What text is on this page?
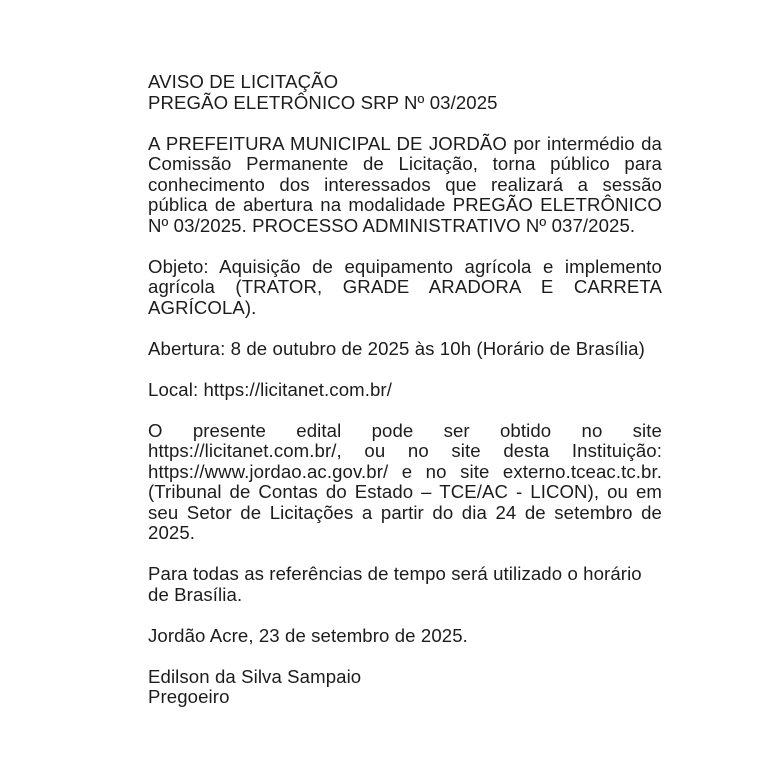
AVISO DE LICITAÇÃO
PREGÃO ELETRÔNICO SRP Nº 03/2025

A PREFEITURA MUNICIPAL DE JORDÃO por intermédio da Comissão Permanente de Licitação, torna público para conhecimento dos interessados que realizará a sessão pública de abertura na modalidade PREGÃO ELETRÔNICO Nº 03/2025. PROCESSO ADMINISTRATIVO Nº 037/2025.

Objeto: Aquisição de equipamento agrícola e implemento agrícola (TRATOR, GRADE ARADORA E CARRETA AGRÍCOLA).

Abertura: 8 de outubro de 2025 às 10h (Horário de Brasília)

Local: https://licitanet.com.br/

O presente edital pode ser obtido no site https://licitanet.com.br/, ou no site desta Instituição: https://www.jordao.ac.gov.br/ e no site externo.tceac.tc.br. (Tribunal de Contas do Estado – TCE/AC - LICON), ou em seu Setor de Licitações a partir do dia 24 de setembro de 2025.

Para todas as referências de tempo será utilizado o horário de Brasília.

Jordão Acre, 23 de setembro de 2025.

Edilson da Silva Sampaio
Pregoeiro
